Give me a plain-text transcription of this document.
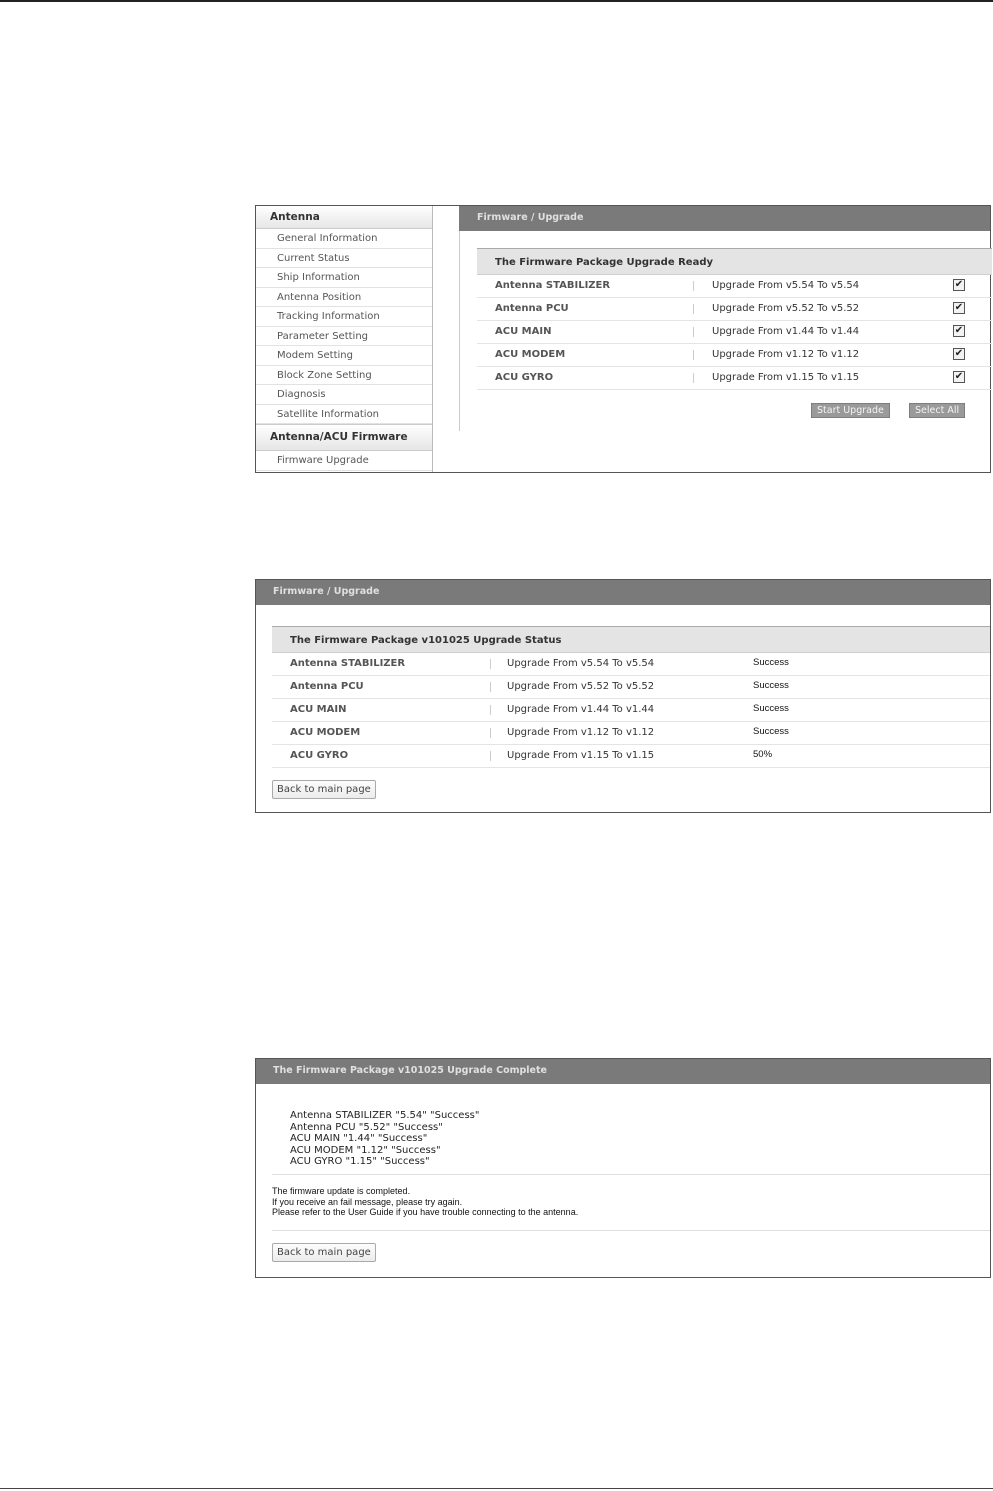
Antenna
General Information
Current Status
Ship Information
Antenna Position
Tracking Information
Parameter Setting
Modem Setting
Block Zone Setting
Diagnosis
Satellite Information
Antenna/ACU Firmware
Firmware Upgrade
Firmware / Upgrade
The Firmware Package Upgrade Ready
Antenna STABILIZER	Upgrade From v5.54 To v5.54	✔
Antenna PCU	Upgrade From v5.52 To v5.52	✔
ACU MAIN	Upgrade From v1.44 To v1.44	✔
ACU MODEM	Upgrade From v1.12 To v1.12	✔
ACU GYRO	Upgrade From v1.15 To v1.15	✔
Start Upgrade	Select All
Firmware / Upgrade
The Firmware Package v101025 Upgrade Status
Antenna STABILIZER	Upgrade From v5.54 To v5.54	Success
Antenna PCU	Upgrade From v5.52 To v5.52	Success
ACU MAIN	Upgrade From v1.44 To v1.44	Success
ACU MODEM	Upgrade From v1.12 To v1.12	Success
ACU GYRO	Upgrade From v1.15 To v1.15	50%
Back to main page
The Firmware Package v101025 Upgrade Complete
Antenna STABILIZER "5.54" "Success"
Antenna PCU "5.52" "Success"
ACU MAIN "1.44" "Success"
ACU MODEM "1.12" "Success"
ACU GYRO "1.15" "Success"
The firmware update is completed.
If you receive an fail message, please try again.
Please refer to the User Guide if you have trouble connecting to the antenna.
Back to main page
